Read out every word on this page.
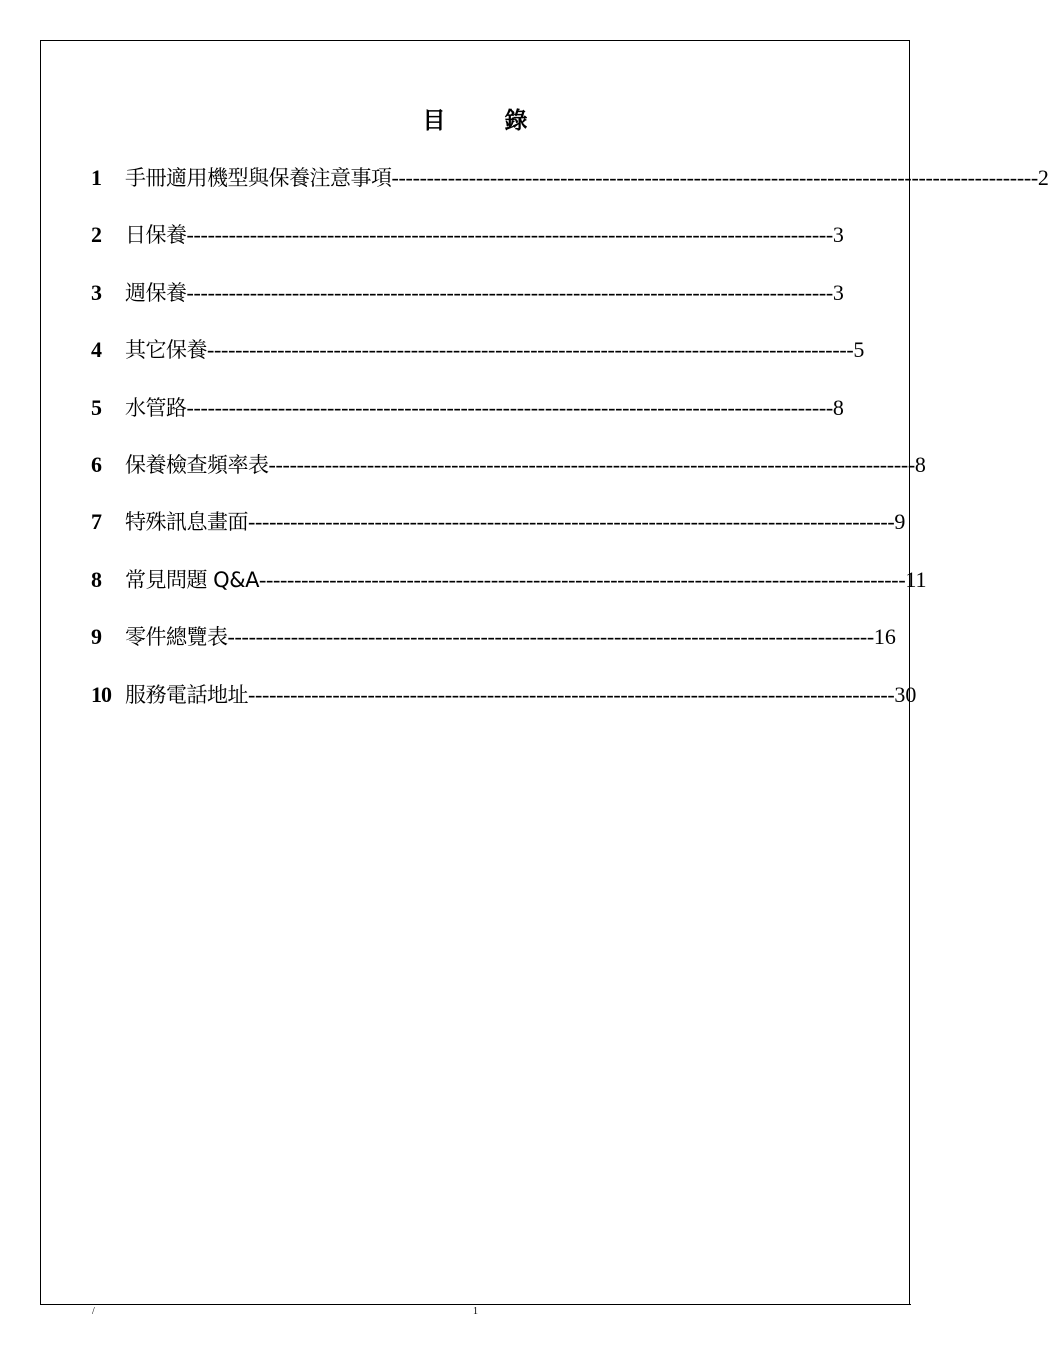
目　錄
1	手冊適用機型與保養注意事項 -------------------------------------------------------------------------------------------- 2
2	日保養 -------------------------------------------------------------------------------------------- 3
3	週保養 -------------------------------------------------------------------------------------------- 3
4	其它保養 -------------------------------------------------------------------------------------------- 5
5	水管路 -------------------------------------------------------------------------------------------- 8
6	保養檢查頻率表 -------------------------------------------------------------------------------------------- 8
7	特殊訊息畫面 -------------------------------------------------------------------------------------------- 9
8	常見問題 Q&A -------------------------------------------------------------------------------------------- 11
9	零件總覽表 -------------------------------------------------------------------------------------------- 16
10 服務電話地址 -------------------------------------------------------------------------------------------- 30
/	1
